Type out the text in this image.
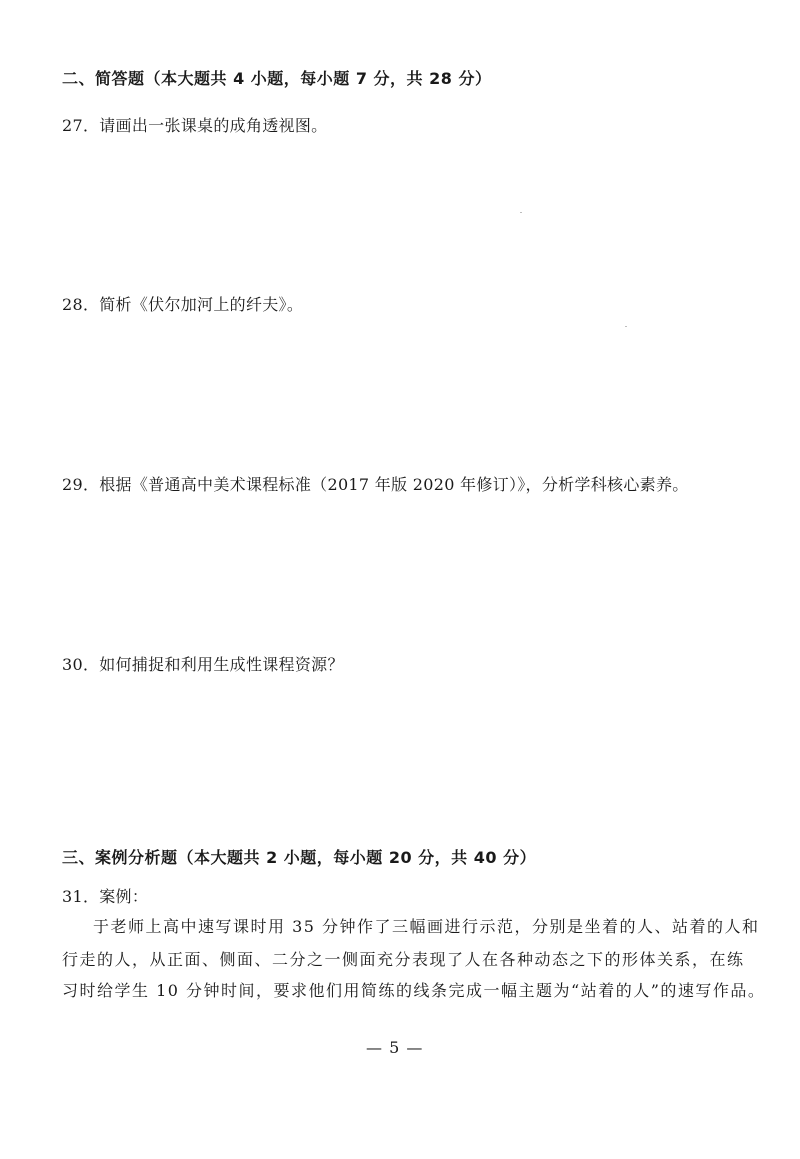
二、简答题（本大题共 4 小题，每小题 7 分，共 28 分）
27．请画出一张课桌的成角透视图。
28．简析《伏尔加河上的纤夫》。
29．根据《普通高中美术课程标准（2017 年版 2020 年修订）》，分析学科核心素养。
30．如何捕捉和利用生成性课程资源？
三、案例分析题（本大题共 2 小题，每小题 20 分，共 40 分）
31．案例：
于老师上高中速写课时用 35 分钟作了三幅画进行示范，分别是坐着的人、站着的人和
行走的人，从正面、侧面、二分之一侧面充分表现了人在各种动态之下的形体关系，在练
习时给学生 10 分钟时间，要求他们用简练的线条完成一幅主题为“站着的人”的速写作品。
— 5 —
